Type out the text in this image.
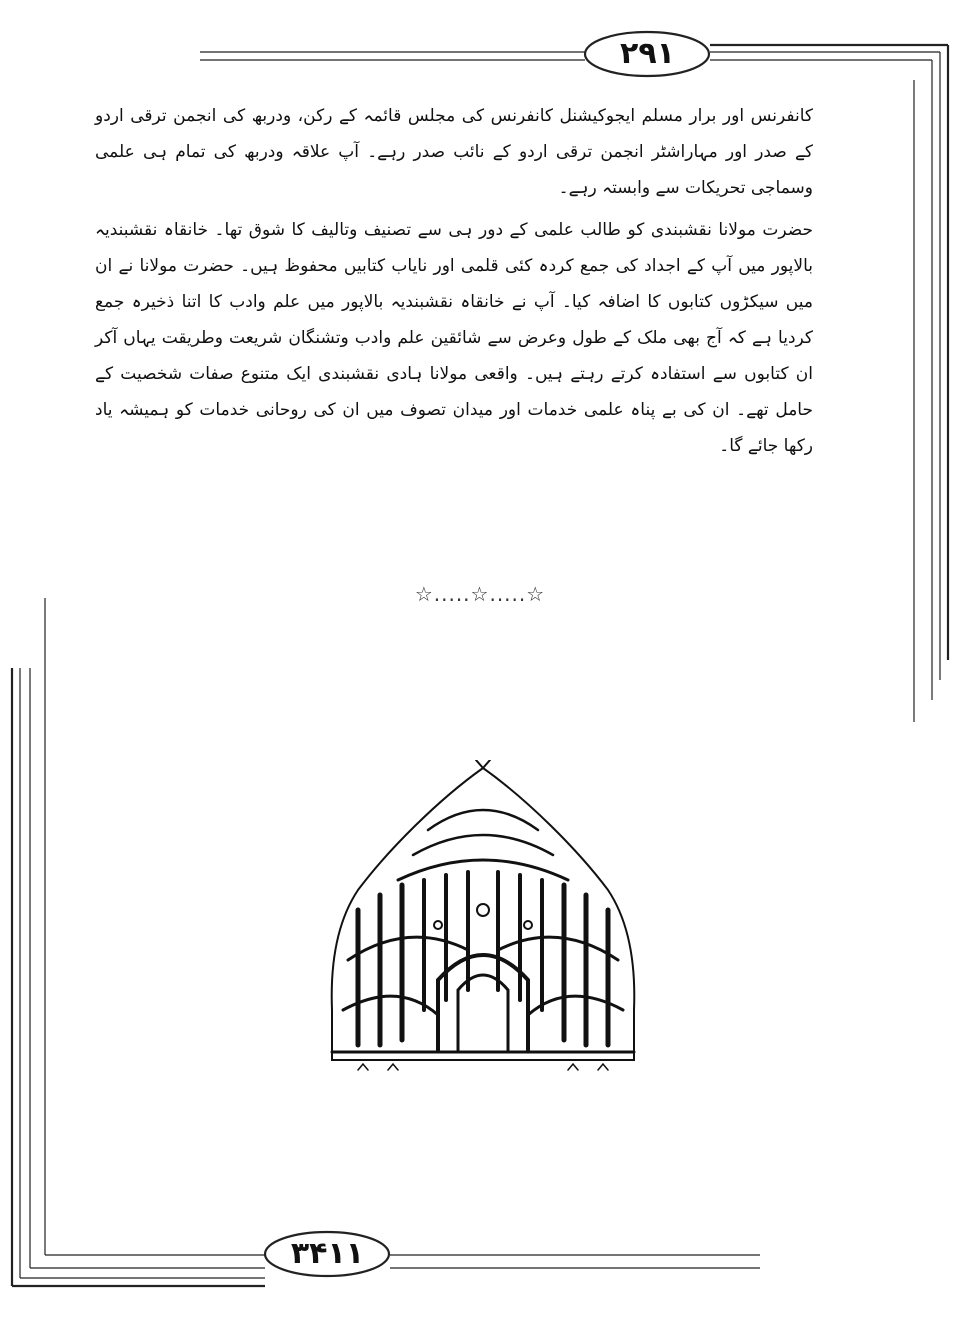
۲۹۱

کانفرنس اور برار مسلم ایجوکیشنل کانفرنس کی مجلس قائمہ کے رکن، ودربھ کی انجمن ترقی اردو کے صدر اور مہاراشٹر انجمن ترقی اردو کے نائب صدر رہے۔ آپ علاقہ ودربھ کی تمام ہی علمی وسماجی تحریکات سے وابستہ رہے۔

حضرت مولانا نقشبندی کو طالب علمی کے دور ہی سے تصنیف وتالیف کا شوق تھا۔ خانقاہ نقشبندیہ بالاپور میں آپ کے اجداد کی جمع کردہ کئی قلمی اور نایاب کتابیں محفوظ ہیں۔ حضرت مولانا نے ان میں سیکڑوں کتابوں کا اضافہ کیا۔ آپ نے خانقاہ نقشبندیہ بالاپور میں علم وادب کا اتنا ذخیرہ جمع کردیا ہے کہ آج بھی ملک کے طول وعرض سے شائقین علم وادب وتشنگان شریعت وطریقت یہاں آکر ان کتابوں سے استفادہ کرتے رہتے ہیں۔ واقعی مولانا ہادی نقشبندی ایک متنوع صفات شخصیت کے حامل تھے۔ ان کی بے پناہ علمی خدمات اور میدان تصوف میں ان کی روحانی خدمات کو ہمیشہ یاد رکھا جائے گا۔

☆.....☆.....☆
۳۴۱۱
